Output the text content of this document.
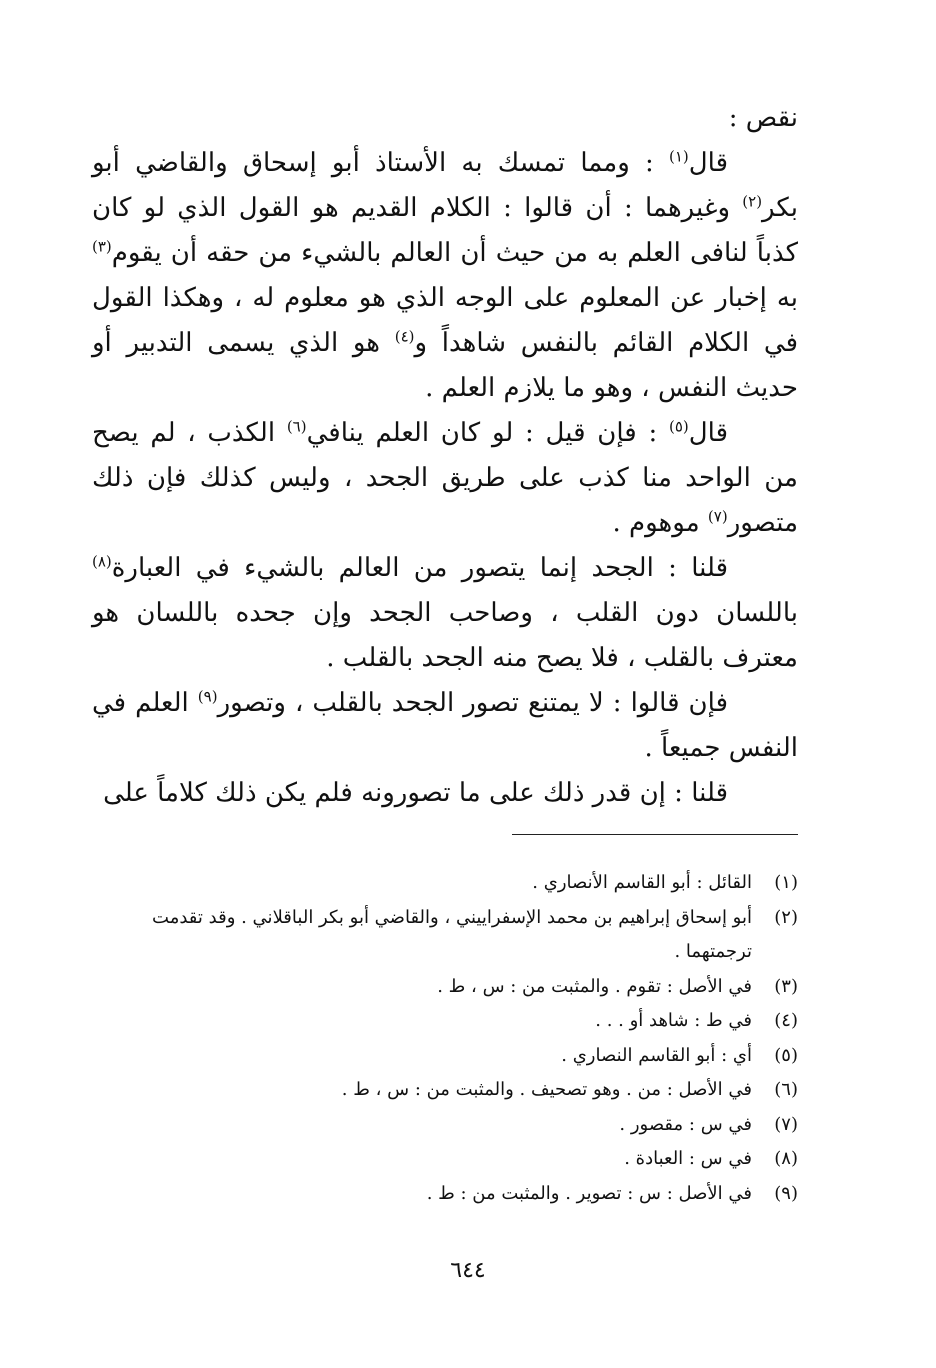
نقص :

قال$^{(١)}$ : ومما تمسك به الأستاذ أبو إسحاق والقاضي أبو بكر$^{(٢)}$ وغيرهما : أن قالوا : الكلام القديم هو القول الذي لو كان كذباً لنافى العلم به من حيث أن العالم بالشيء من حقه أن يقوم$^{(٣)}$ به إخبار عن المعلوم على الوجه الذي هو معلوم له ، وهكذا القول في الكلام القائم بالنفس شاهداً و$^{(٤)}$ هو الذي يسمى التدبير أو حديث النفس ، وهو ما يلازم العلم .

قال$^{(٥)}$ : فإن قيل : لو كان العلم ينافي$^{(٦)}$ الكذب ، لم يصح من الواحد منا كذب على طريق الجحد ، وليس كذلك فإن ذلك متصور$^{(٧)}$ موهوم .

قلنا : الجحد إنما يتصور من العالم بالشيء في العبارة$^{(٨)}$ باللسان دون القلب ، وصاحب الجحد وإن جحده باللسان هو معترف بالقلب ، فلا يصح منه الجحد بالقلب .

فإن قالوا : لا يمتنع تصور الجحد بالقلب ، وتصور$^{(٩)}$ العلم في النفس جميعاً .

قلنا : إن قدر ذلك على ما تصورونه فلم يكن ذلك كلاماً على

(١)
القائل : أبو القاسم الأنصاري .
(٢)
أبو إسحاق إبراهيم بن محمد الإسفراييني ، والقاضي أبو بكر الباقلاني . وقد تقدمت ترجمتهما .
(٣)
في الأصل : تقوم . والمثبت من : س ، ط .
(٤)
في ط : شاهد أو . . .
(٥)
أي : أبو القاسم النصاري .
(٦)
في الأصل : من . وهو تصحيف . والمثبت من : س ، ط .
(٧)
في س : مقصور .
(٨)
في س : العبادة .
(٩)
في الأصل : س : تصوير . والمثبت من : ط .
٦٤٤
